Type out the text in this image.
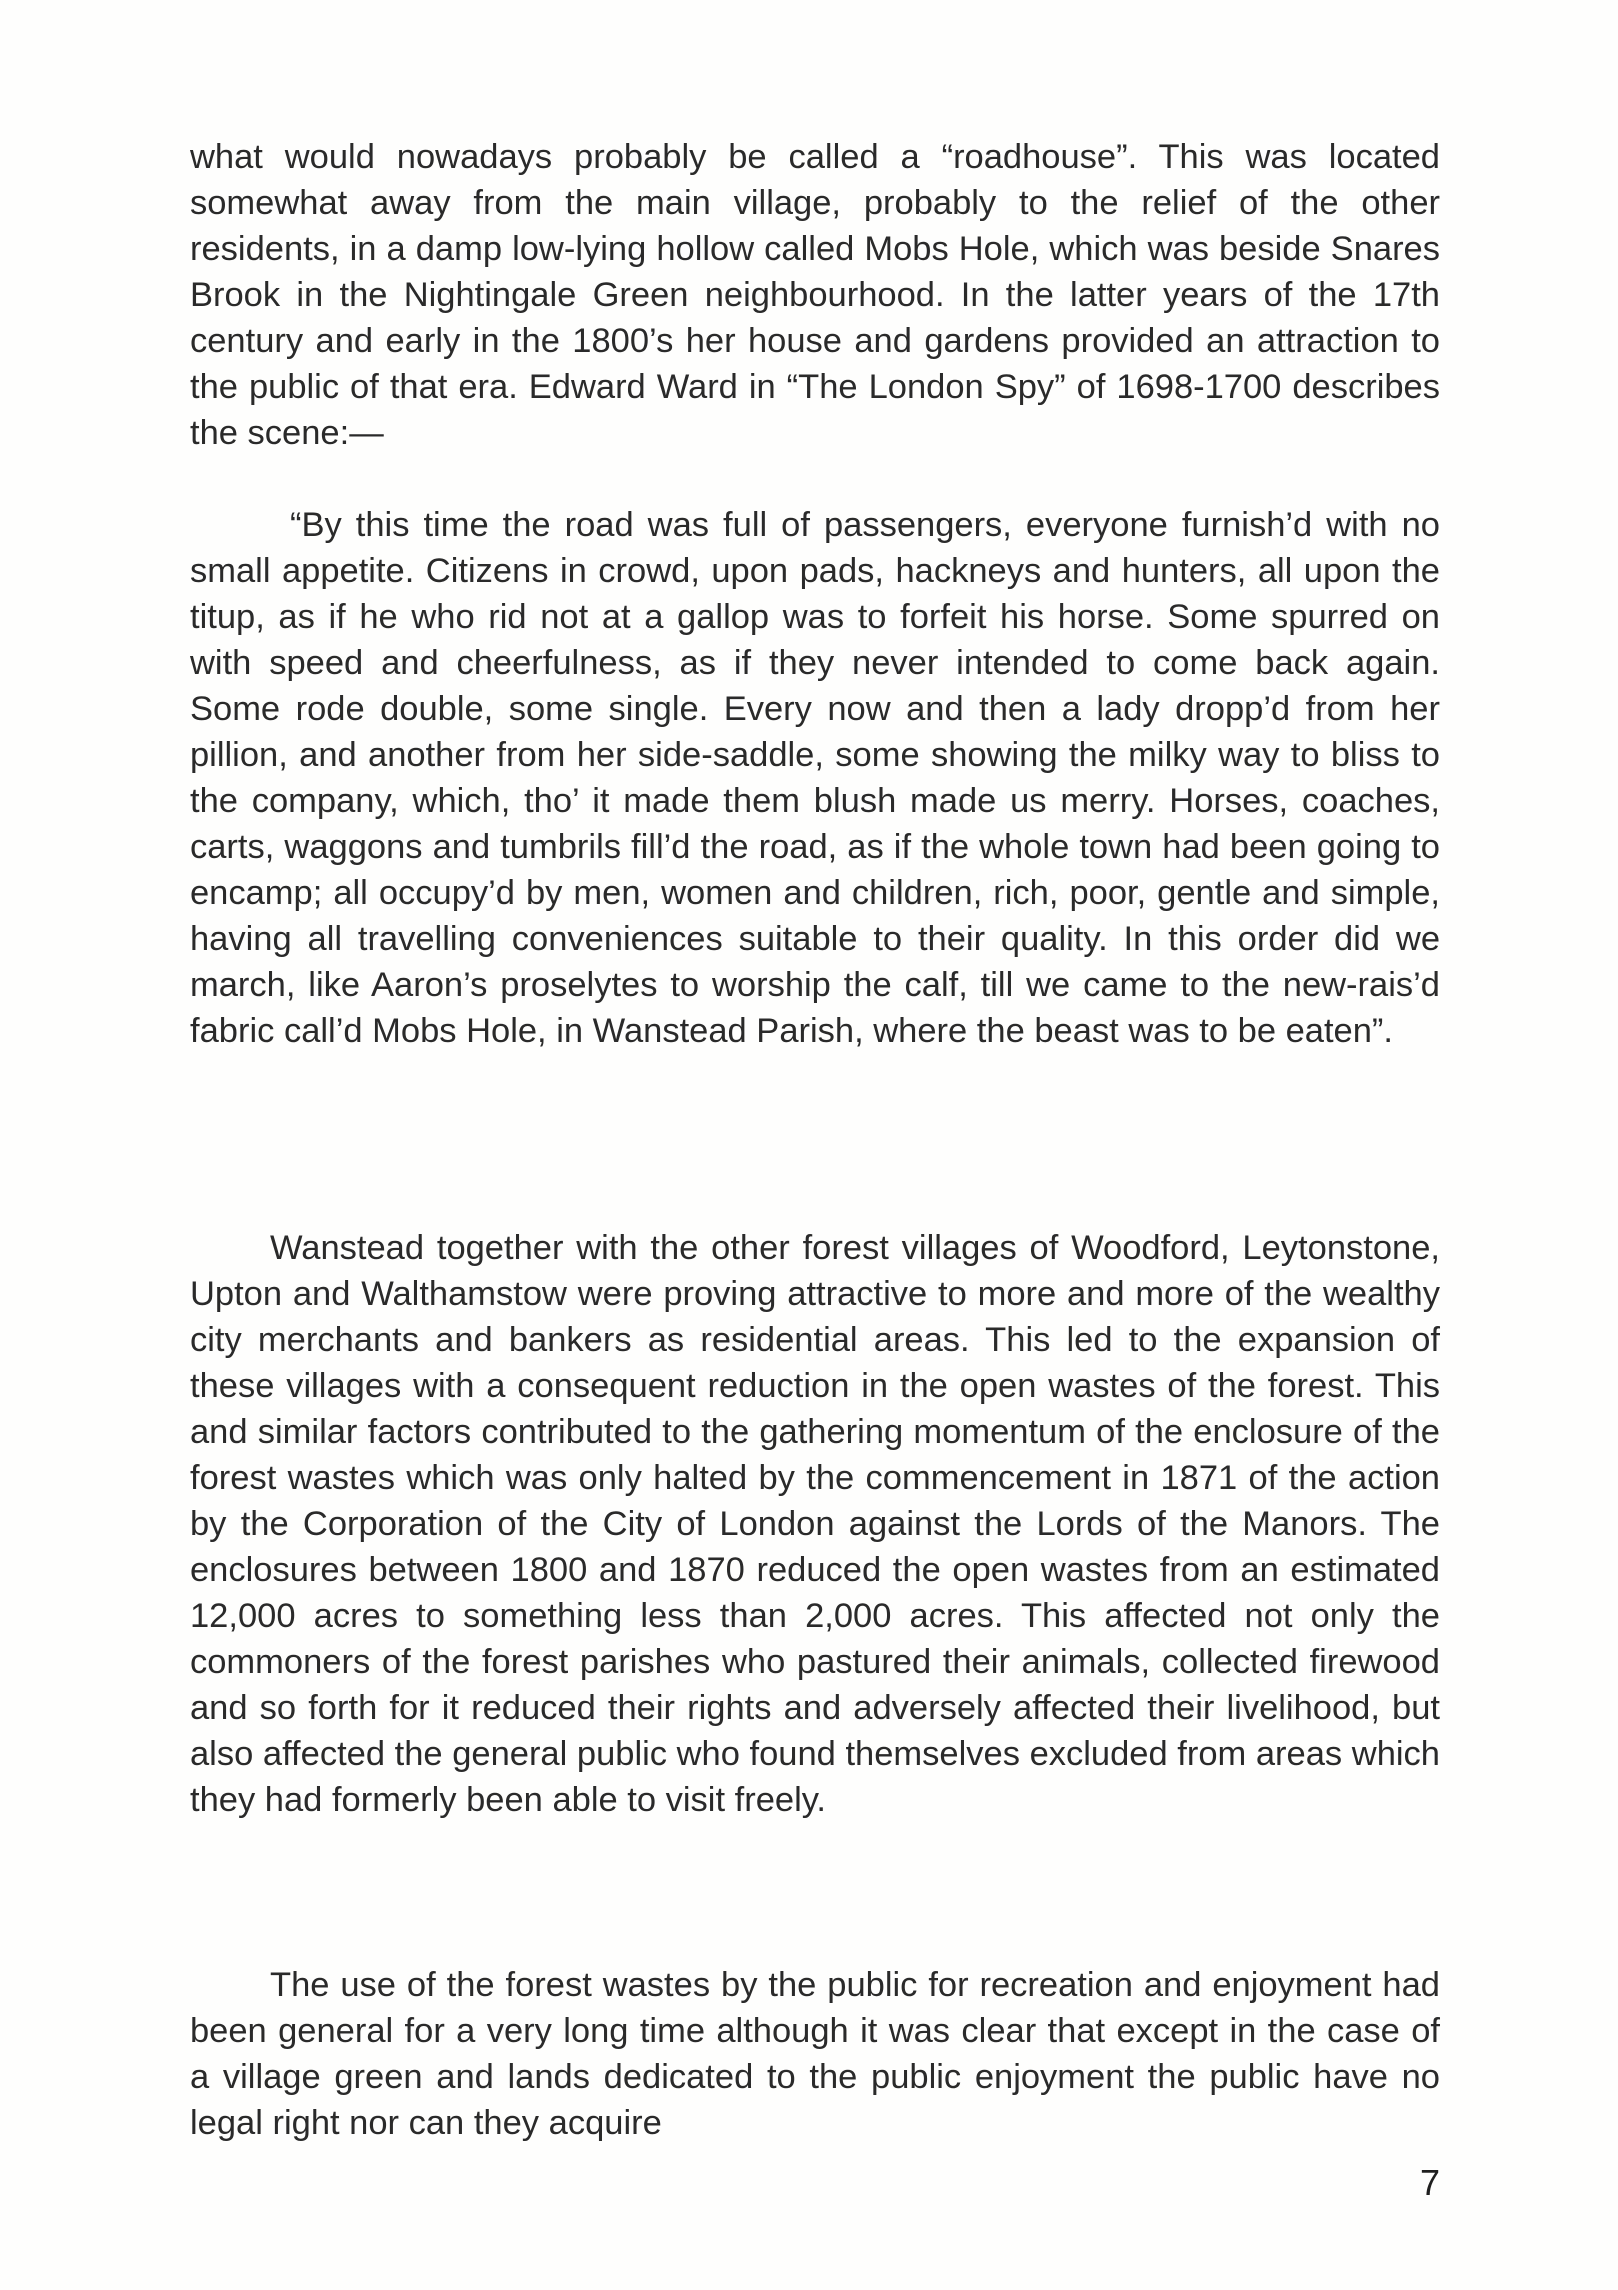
what would nowadays probably be called a “roadhouse”. This was located somewhat away from the main village, probably to the relief of the other residents, in a damp low-lying hollow called Mobs Hole, which was beside Snares Brook in the Nightingale Green neighbourhood. In the latter years of the 17th century and early in the 1800’s her house and gardens provided an attraction to the public of that era. Edward Ward in “The London Spy” of 1698-1700 describes the scene:—

“By this time the road was full of passengers, everyone furnish’d with no small appetite. Citizens in crowd, upon pads, hackneys and hunters, all upon the titup, as if he who rid not at a gallop was to forfeit his horse. Some spurred on with speed and cheerfulness, as if they never intended to come back again. Some rode double, some single. Every now and then a lady dropp’d from her pillion, and another from her side-saddle, some showing the milky way to bliss to the company, which, tho’ it made them blush made us merry. Horses, coaches, carts, waggons and tumbrils fill’d the road, as if the whole town had been going to encamp; all occupy’d by men, women and children, rich, poor, gentle and simple, having all travelling conveniences suitable to their quality. In this order did we march, like Aaron’s proselytes to worship the calf, till we came to the new-rais’d fabric call’d Mobs Hole, in Wanstead Parish, where the beast was to be eaten”.

Wanstead together with the other forest villages of Woodford, Leytonstone, Upton and Walthamstow were proving attractive to more and more of the wealthy city merchants and bankers as residential areas. This led to the expansion of these villages with a consequent reduction in the open wastes of the forest. This and similar factors contributed to the gathering momentum of the enclosure of the forest wastes which was only halted by the commencement in 1871 of the action by the Corporation of the City of London against the Lords of the Manors. The enclosures between 1800 and 1870 reduced the open wastes from an estimated 12,000 acres to something less than 2,000 acres. This affected not only the commoners of the forest parishes who pastured their animals, collected firewood and so forth for it reduced their rights and adversely affected their livelihood, but also affected the general public who found themselves excluded from areas which they had formerly been able to visit freely.

The use of the forest wastes by the public for recreation and enjoyment had been general for a very long time although it was clear that except in the case of a village green and lands dedicated to the public enjoyment the public have no legal right nor can they acquire

7
